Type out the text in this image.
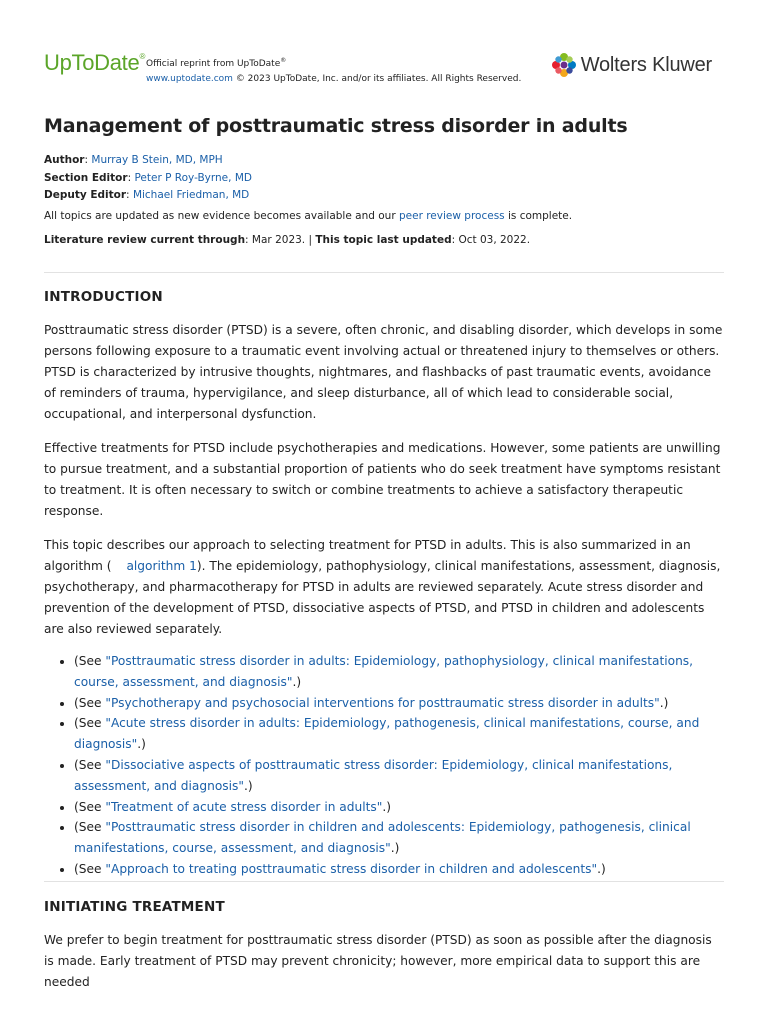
UpToDate®
Official reprint from UpToDate®
www.uptodate.com © 2023 UpToDate, Inc. and/or its affiliates. All Rights Reserved.
Wolters Kluwer
Management of posttraumatic stress disorder in adults
Author: Murray B Stein, MD, MPH
Section Editor: Peter P Roy-Byrne, MD
Deputy Editor: Michael Friedman, MD
All topics are updated as new evidence becomes available and our peer review process is complete.
Literature review current through: Mar 2023. | This topic last updated: Oct 03, 2022.
INTRODUCTION

Posttraumatic stress disorder (PTSD) is a severe, often chronic, and disabling disorder, which develops in some persons following exposure to a traumatic event involving actual or threatened injury to themselves or others. PTSD is characterized by intrusive thoughts, nightmares, and flashbacks of past traumatic events, avoidance of reminders of trauma, hypervigilance, and sleep disturbance, all of which lead to considerable social, occupational, and interpersonal dysfunction.

Effective treatments for PTSD include psychotherapies and medications. However, some patients are unwilling to pursue treatment, and a substantial proportion of patients who do seek treatment have symptoms resistant to treatment. It is often necessary to switch or combine treatments to achieve a satisfactory therapeutic response.

This topic describes our approach to selecting treatment for PTSD in adults. This is also summarized in an algorithm ( algorithm 1). The epidemiology, pathophysiology, clinical manifestations, assessment, diagnosis, psychotherapy, and pharmacotherapy for PTSD in adults are reviewed separately. Acute stress disorder and prevention of the development of PTSD, dissociative aspects of PTSD, and PTSD in children and adolescents are also reviewed separately.

• (See "Posttraumatic stress disorder in adults: Epidemiology, pathophysiology, clinical manifestations, course, assessment, and diagnosis".)
• (See "Psychotherapy and psychosocial interventions for posttraumatic stress disorder in adults".)
• (See "Acute stress disorder in adults: Epidemiology, pathogenesis, clinical manifestations, course, and diagnosis".)
• (See "Dissociative aspects of posttraumatic stress disorder: Epidemiology, clinical manifestations, assessment, and diagnosis".)
• (See "Treatment of acute stress disorder in adults".)
• (See "Posttraumatic stress disorder in children and adolescents: Epidemiology, pathogenesis, clinical manifestations, course, assessment, and diagnosis".)
• (See "Approach to treating posttraumatic stress disorder in children and adolescents".)
INITIATING TREATMENT

We prefer to begin treatment for posttraumatic stress disorder (PTSD) as soon as possible after the diagnosis is made. Early treatment of PTSD may prevent chronicity; however, more empirical data to support this are needed
